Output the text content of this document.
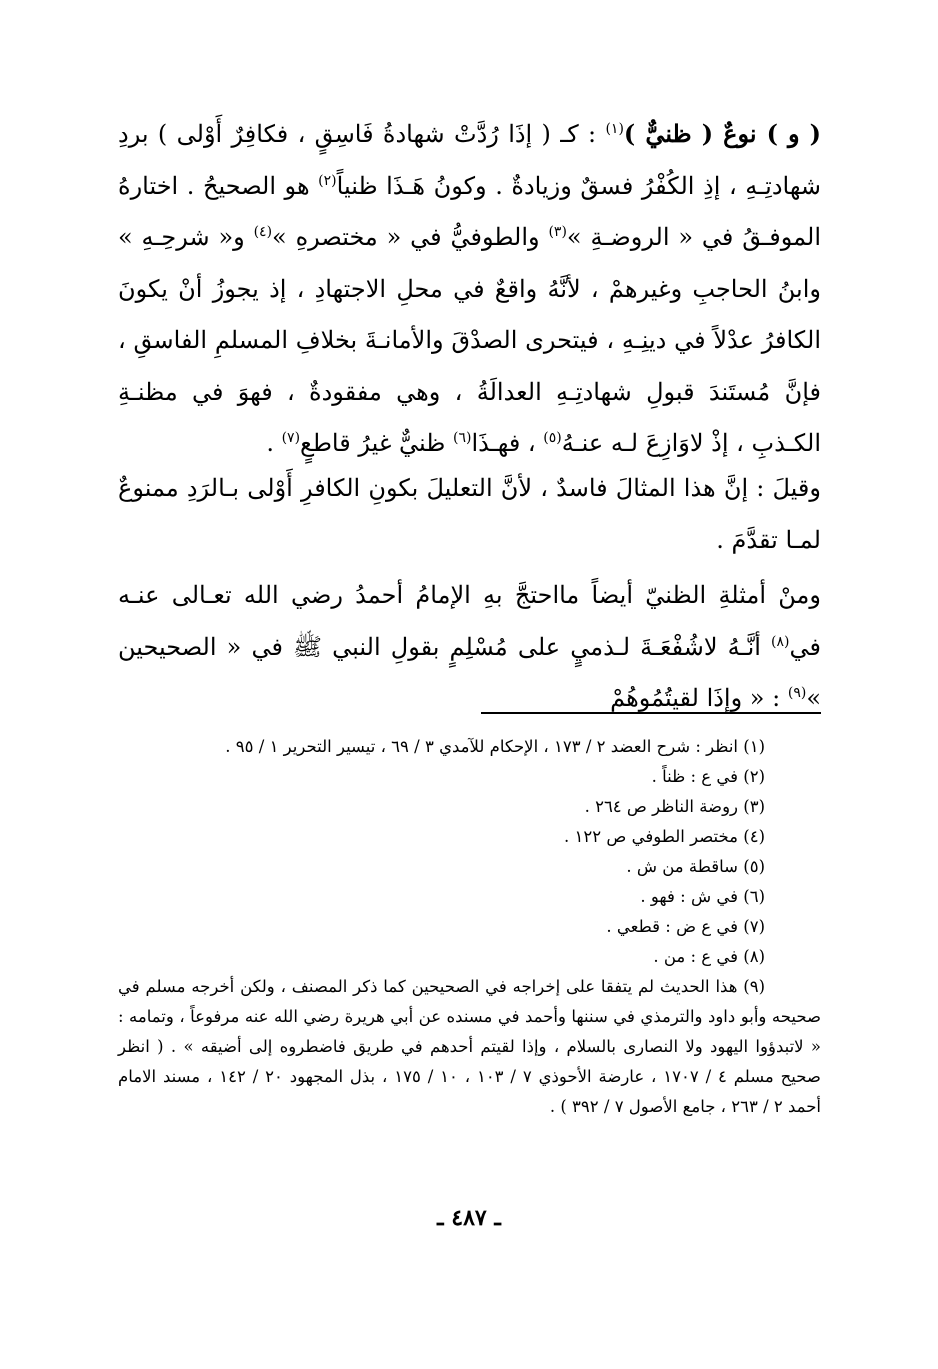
( و ) نوعٌ ( ظنيٌّ )$^{(١)}$ : كـ ( إذَا رُدَّتْ شهادةُ فَاسِقٍ ، فكافِرٌ أَوْلى ) بردِ شهادتِـهِ ، إذِ الكُفْرُ فسقٌ وزيادةٌ . وكونُ هَـذَا ظنياً$^{(٢)}$ هو الصحيحُ . اختارهُ الموفـقُ في « الروضـةِ »$^{(٣)}$ والطوفيُّ في « مختصرهِ »$^{(٤)}$ و« شرحِـهِ » وابنُ الحاجبِ وغيرهمْ ، لأنَّهُ واقعٌ في محلِ الاجتهادِ ، إذ يجوزُ أنْ يكونَ الكافرُ عدْلاً في دينِـهِ ، فيتحرى الصدْقَ والأمانـةَ بخلافِ المسلمِ الفاسقِ ، فإنَّ مُستَندَ قبولِ شهادتِـهِ العدالَةُ ، وهي مفقودةٌ ، فهوَ في مظنـةِ الكـذبِ ، إذْ لاوَازِعَ لـه عنـهُ$^{(٥)}$ ، فهـذَا$^{(٦)}$ ظنيٌّ غيرُ قاطعٍ$^{(٧)}$ .

وقيلَ : إنَّ هذا المثالَ فاسدٌ ، لأنَّ التعليلَ بكونِ الكافرِ أَوْلى بـالرَدِ ممنوعٌ لمـا تقدَّمَ .

ومنْ أمثلةِ الظنيّ أيضاً مااحتجَّ بهِ الإمامُ أحمدُ رضي الله تعـالى عنـه في$^{(٨)}$ أنَّـهُ لاشُفْعَـةَ لـذميٍ على مُسْلِمٍ بقولِ النبي ﷺ في « الصحيحين »$^{(٩)}$ : « وإذَا لقيتُمُوهُمْ

(١) انظر : شرح العضد ٢ / ١٧٣ ، الإحكام للآمدي ٣ / ٦٩ ، تيسير التحرير ١ / ٩٥ .
(٢) في ع : ظناً .
(٣) روضة الناظر ص ٢٦٤ .
(٤) مختصر الطوفي ص ١٢٢ .
(٥) ساقطة من ش .
(٦) في ش : فهو .
(٧) في ع ض : قطعي .
(٨) في ع : من .
(٩) هذا الحديث لم يتفقا على إخراجه في الصحيحين كما ذكر المصنف ، ولكن أخرجه مسلم في صحيحه وأبو داود والترمذي في سننها وأحمد في مسنده عن أبي هريرة رضي الله عنه مرفوعاً ، وتمامه : « لاتبدؤوا اليهود ولا النصارى بالسلام ، وإذا لقيتم أحدهم في طريق فاضطروه إلى أضيقه » . ( انظر صحيح مسلم ٤ / ١٧٠٧ ، عارضة الأحوذي ٧ / ١٠٣ ، ١٠ / ١٧٥ ، بذل المجهود ٢٠ / ١٤٢ ، مسند الامام أحمد ٢ / ٢٦٣ ، جامع الأصول ٧ / ٣٩٢ ) .
ـ ٤٨٧ ـ
